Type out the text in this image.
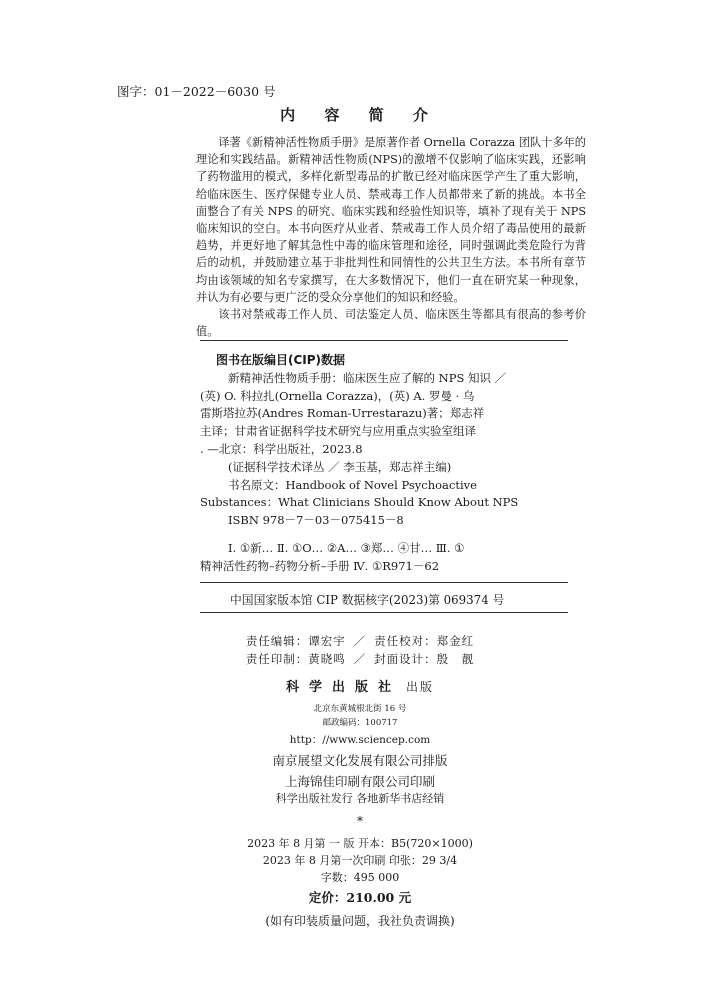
图字：01－2022－6030 号
内 容 简 介

译著《新精神活性物质手册》是原著作者 Ornella Corazza 团队十多年的理论和实践结晶。新精神活性物质(NPS)的激增不仅影响了临床实践，还影响了药物滥用的模式，多样化新型毒品的扩散已经对临床医学产生了重大影响，给临床医生、医疗保健专业人员、禁戒毒工作人员都带来了新的挑战。本书全面整合了有关 NPS 的研究、临床实践和经验性知识等，填补了现有关于 NPS 临床知识的空白。本书向医疗从业者、禁戒毒工作人员介绍了毒品使用的最新趋势，并更好地了解其急性中毒的临床管理和途径，同时强调此类危险行为背后的动机，并鼓励建立基于非批判性和同情性的公共卫生方法。本书所有章节均由该领域的知名专家撰写，在大多数情况下，他们一直在研究某一种现象，并认为有必要与更广泛的受众分享他们的知识和经验。

该书对禁戒毒工作人员、司法鉴定人员、临床医生等都具有很高的参考价值。

图书在版编目(CIP)数据
新精神活性物质手册：临床医生应了解的 NPS 知识 ／
(英) O. 科拉扎(Ornella Corazza)，(英) A. 罗曼 · 乌
雷斯塔拉苏(Andres Roman-Urrestarazu)著；郑志祥
主译；甘肃省证据科学技术研究与应用重点实验室组译
. —北京：科学出版社，2023.8
(证据科学技术译丛 ／ 李玉基，郑志祥主编)
书名原文：Handbook of Novel Psychoactive
Substances：What Clinicians Should Know About NPS
ISBN 978－7－03－075415－8
Ⅰ. ①新… Ⅱ. ①O… ②A… ③郑… ④甘… Ⅲ. ①
精神活性药物–药物分析–手册 Ⅳ. ①R971－62
中国国家版本馆 CIP 数据核字(2023)第 069374 号
责任编辑：谭宏宇 ／ 责任校对：郑金红
责任印制：黄晓鸣 ／ 封面设计：殷　靓
科学出版社 出版
北京东黄城根北街 16 号
邮政编码：100717
http：//www.sciencep.com
南京展望文化发展有限公司排版
上海锦佳印刷有限公司印刷
科学出版社发行 各地新华书店经销
*
2023 年 8 月第 一 版 开本：B5(720×1000)
2023 年 8 月第一次印刷 印张：29 3/4
字数：495 000
定价：210.00 元
(如有印装质量问题，我社负责调换)
